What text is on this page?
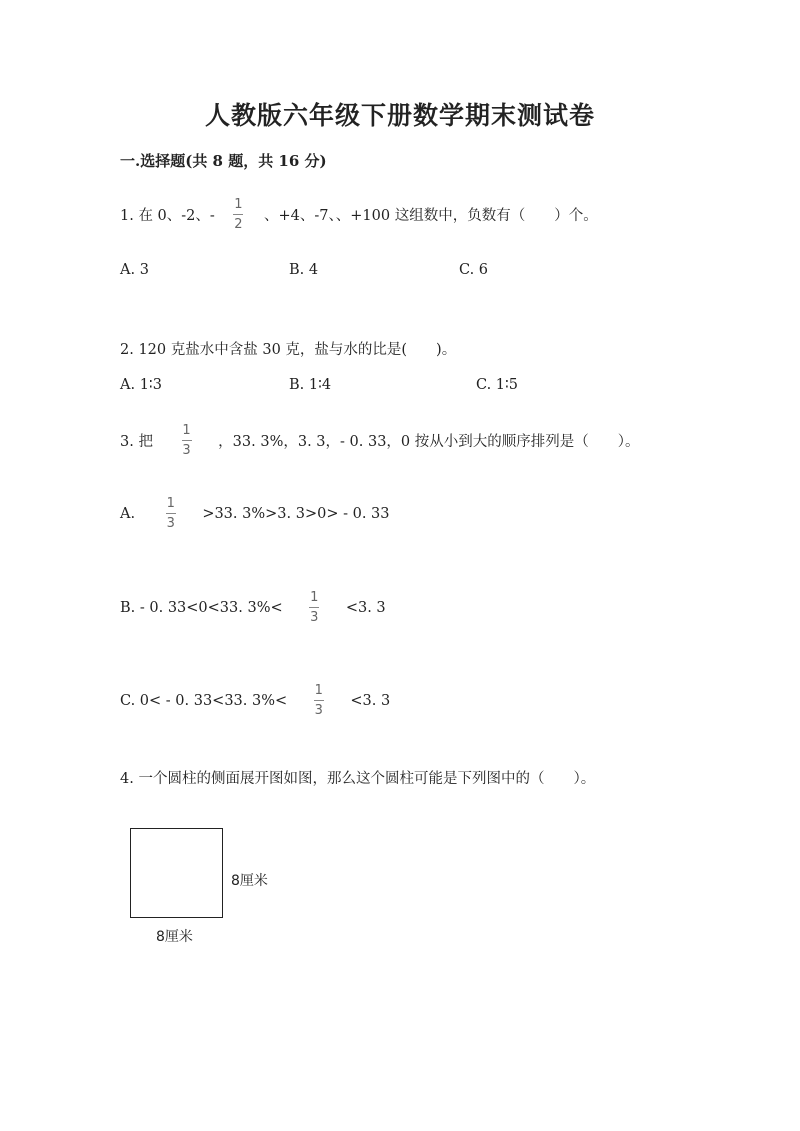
人教版六年级下册数学期末测试卷
一.选择题(共 8 题，共 16 分)
1. 在 0、-2、- $\frac{1}{2}$ 、+4、-7、、+100 这组数中，负数有（　　）个。
A. 3	B. 4	C. 6
2. 120 克盐水中含盐 30 克，盐与水的比是(　　)。
A. 1∶3	B. 1∶4	C. 1∶5
3. 把 $\frac{1}{3}$ ，33. 3%，3. 3，- 0. 33，0 按从小到大的顺序排列是（　　）。
A. $\frac{1}{3} >33$. 3%>3. 3>0> - 0. 33
B. - 0. 33<0<33. $3\%< \frac{1}{3} <3$. 3
C. 0< - 0. 33<33. $3\%< \frac{1}{3} <3$. 3
4. 一个圆柱的侧面展开图如图，那么这个圆柱可能是下列图中的（　　）。
8厘米
8厘米
